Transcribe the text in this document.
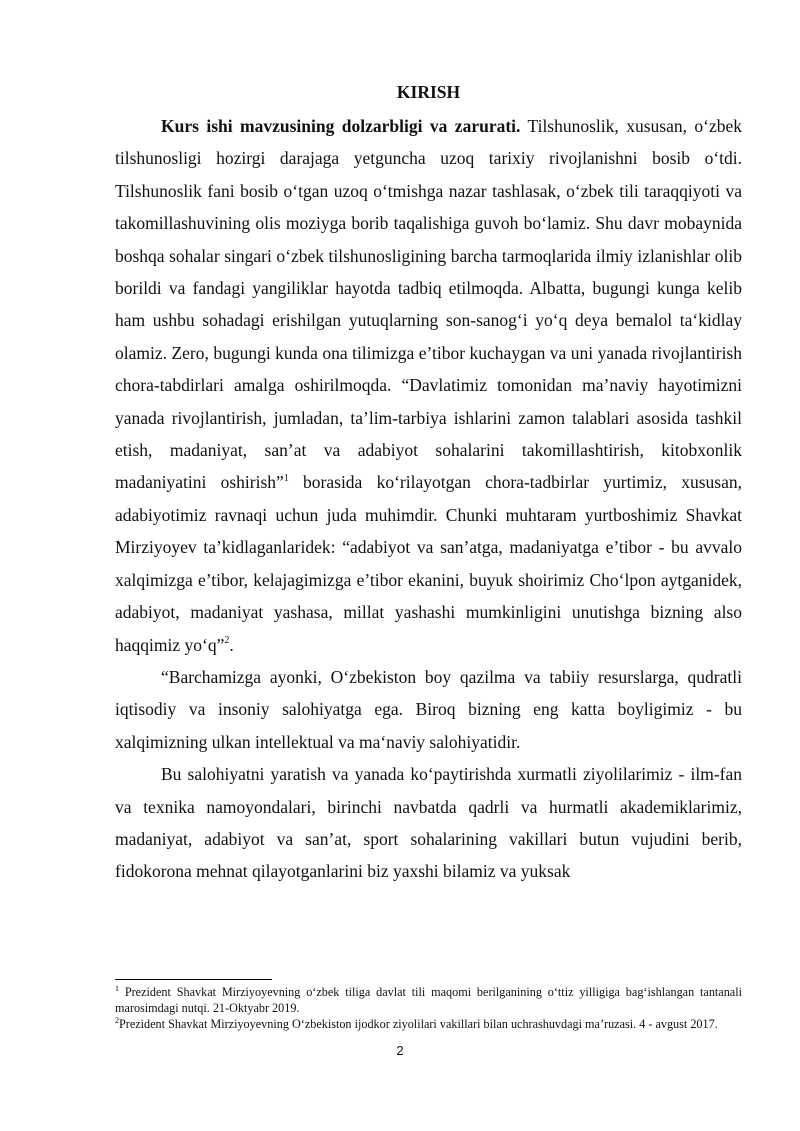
KIRISH

Kurs ishi mavzusining dolzarbligi va zarurati. Tilshunoslik, xususan, o‘zbek tilshunosligi hozirgi darajaga yetguncha uzoq tarixiy rivojlanishni bosib o‘tdi. Tilshunoslik fani bosib o‘tgan uzoq o‘tmishga nazar tashlasak, o‘zbek tili taraqqiyoti va takomillashuvining olis moziyga borib taqalishiga guvoh bo‘lamiz. Shu davr mobaynida boshqa sohalar singari o‘zbek tilshunosligining barcha tarmoqlarida ilmiy izlanishlar olib borildi va fandagi yangiliklar hayotda tadbiq etilmoqda. Albatta, bugungi kunga kelib ham ushbu sohadagi erishilgan yutuqlarning son-sanog‘i yo‘q deya bemalol ta‘kidlay olamiz. Zero, bugungi kunda ona tilimizga e’tibor kuchaygan va uni yanada rivojlantirish chora-tabdirlari amalga oshirilmoqda. “Davlatimiz tomonidan ma’naviy hayotimizni yanada rivojlantirish, jumladan, ta’lim-tarbiya ishlarini zamon talablari asosida tashkil etish, madaniyat, san’at va adabiyot sohalarini takomillashtirish, kitobxonlik madaniyatini oshirish”$^1$ borasida ko‘rilayotgan chora-tadbirlar yurtimiz, xususan, adabiyotimiz ravnaqi uchun juda muhimdir. Chunki muhtaram yurtboshimiz Shavkat Mirziyoyev ta’kidlaganlaridek: “adabiyot va san’atga, madaniyatga e’tibor - bu avvalo xalqimizga e’tibor, kelajagimizga e’tibor ekanini, buyuk shoirimiz Cho‘lpon aytganidek, adabiyot, madaniyat yashasa, millat yashashi mumkinligini unutishga bizning also haqqimiz yo‘q”$^2$.

“Barchamizga ayonki, O‘zbekiston boy qazilma va tabiiy resurslarga, qudratli iqtisodiy va insoniy salohiyatga ega. Biroq bizning eng katta boyligimiz - bu xalqimizning ulkan intellektual va ma‘naviy salohiyatidir.

Bu salohiyatni yaratish va yanada ko‘paytirishda xurmatli ziyolilarimiz - ilm-fan va texnika namoyondalari, birinchi navbatda qadrli va hurmatli akademiklarimiz, madaniyat, adabiyot va san’at, sport sohalarining vakillari butun vujudini berib, fidokorona mehnat qilayotganlarini biz yaxshi bilamiz va yuksak

$^1$ Prezident Shavkat Mirziyoyevning o‘zbek tiliga davlat tili maqomi berilganining o‘ttiz yilligiga bag‘ishlangan tantanali marosimdagi nutqi. 21-Oktyabr 2019.

$^2$Prezident Shavkat Mirziyoyevning O‘zbekiston ijodkor ziyolilari vakillari bilan uchrashuvdagi ma’ruzasi. 4 - avgust 2017.

2
